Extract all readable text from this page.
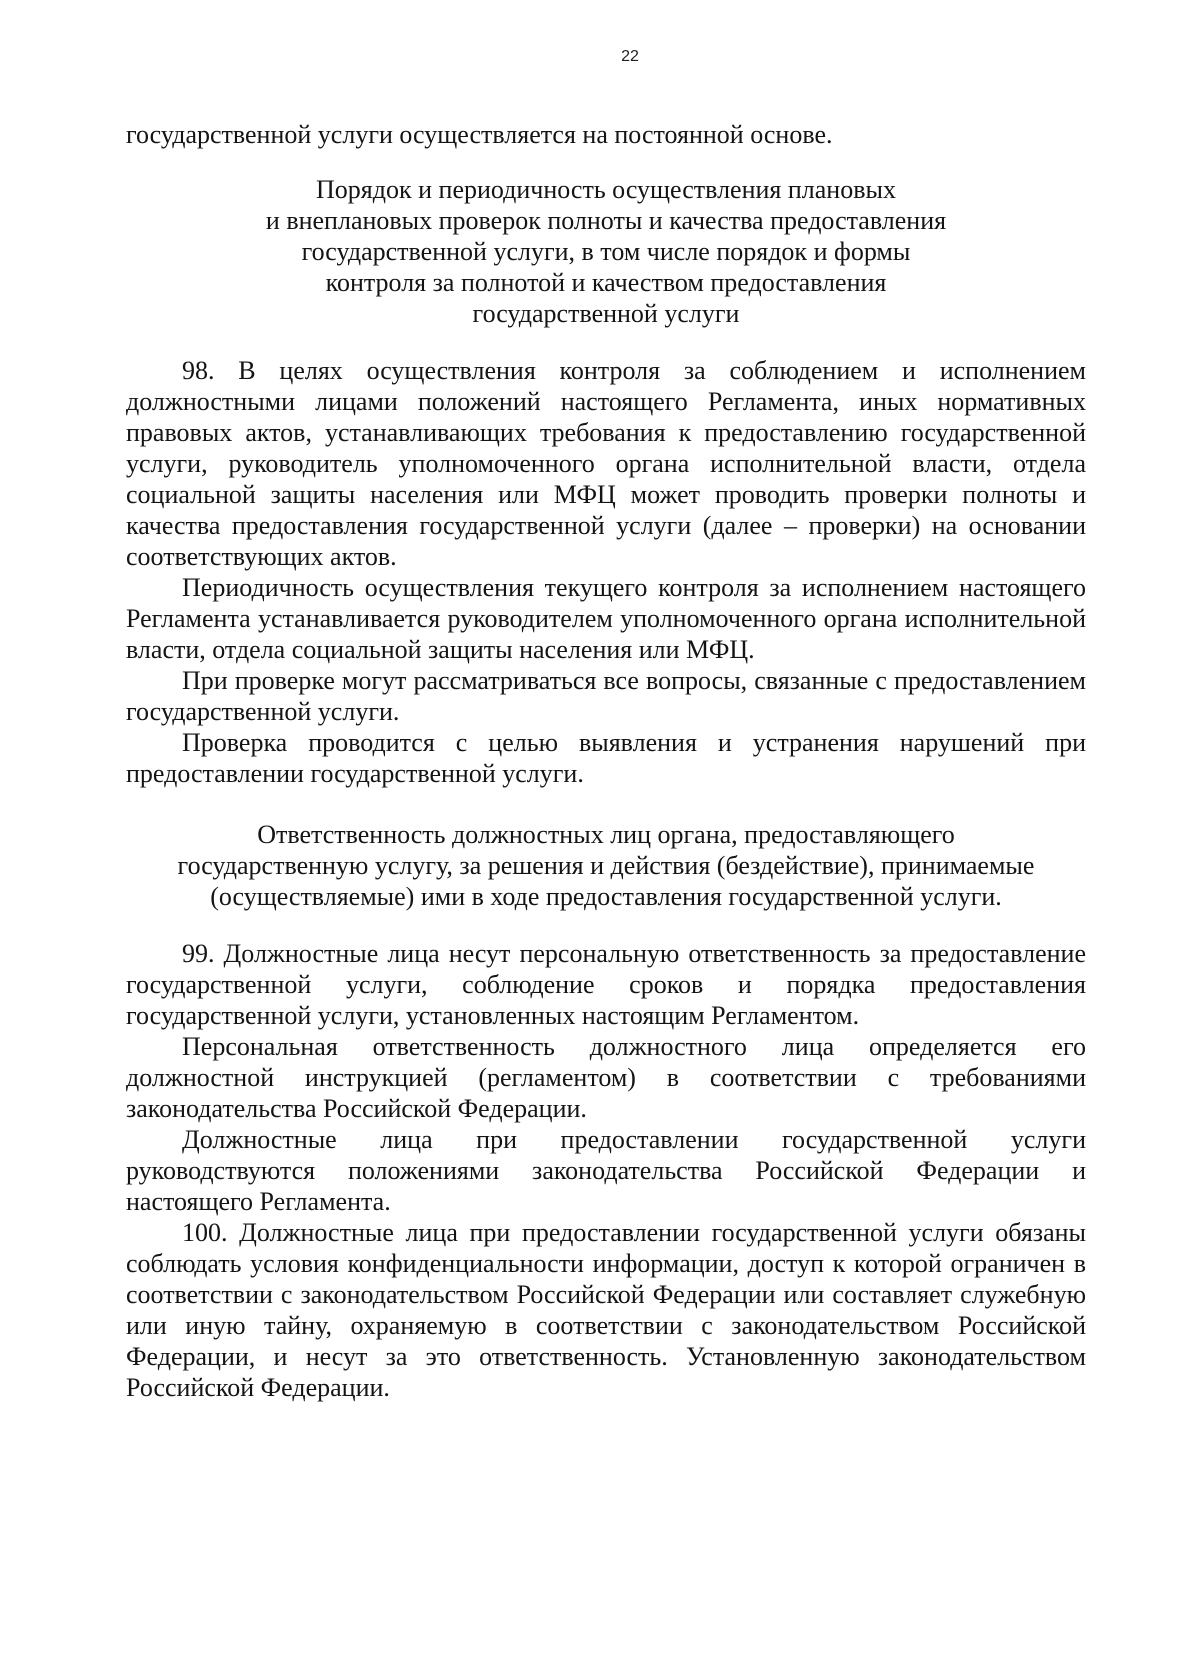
22

государственной услуги осуществляется на постоянной основе.

Порядок и периодичность осуществления плановых
и внеплановых проверок полноты и качества предоставления
государственной услуги, в том числе порядок и формы
контроля за полнотой и качеством предоставления
государственной услуги

98. В целях осуществления контроля за соблюдением и исполнением должностными лицами положений настоящего Регламента, иных нормативных правовых актов, устанавливающих требования к предоставлению государственной услуги, руководитель уполномоченного органа исполнительной власти, отдела социальной защиты населения или МФЦ может проводить проверки полноты и качества предоставления государственной услуги (далее – проверки) на основании соответствующих актов.

Периодичность осуществления текущего контроля за исполнением настоящего Регламента устанавливается руководителем уполномоченного органа исполнительной власти, отдела социальной защиты населения или МФЦ.

При проверке могут рассматриваться все вопросы, связанные с предоставлением государственной услуги.

Проверка проводится с целью выявления и устранения нарушений при предоставлении государственной услуги.

Ответственность должностных лиц органа, предоставляющего
государственную услугу, за решения и действия (бездействие), принимаемые
(осуществляемые) ими в ходе предоставления государственной услуги.

99. Должностные лица несут персональную ответственность за предоставление государственной услуги, соблюдение сроков и порядка предоставления государственной услуги, установленных настоящим Регламентом.

Персональная ответственность должностного лица определяется его должностной инструкцией (регламентом) в соответствии с требованиями законодательства Российской Федерации.

Должностные лица при предоставлении государственной услуги руководствуются положениями законодательства Российской Федерации и настоящего Регламента.

100. Должностные лица при предоставлении государственной услуги обязаны соблюдать условия конфиденциальности информации, доступ к которой ограничен в соответствии с законодательством Российской Федерации или составляет служебную или иную тайну, охраняемую в соответствии с законодательством Российской Федерации, и несут за это ответственность. Установленную законодательством Российской Федерации.
